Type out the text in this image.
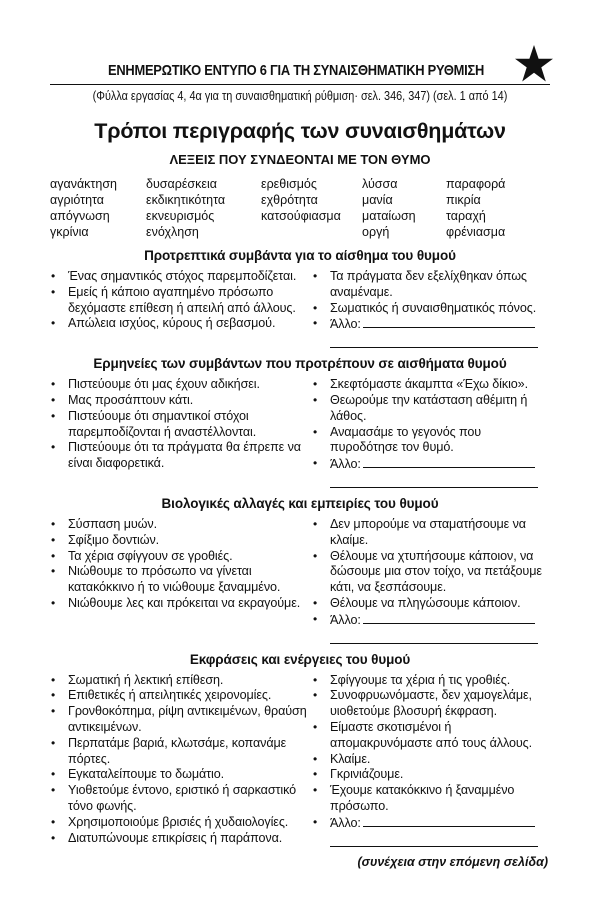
ΕΝΗΜΕΡΩΤΙΚΟ ΕΝΤΥΠΟ 6 ΓΙΑ ΤΗ ΣΥΝΑΙΣΘΗΜΑΤΙΚΗ ΡΥΘΜΙΣΗ
(Φύλλα εργασίας 4, 4α για τη συναισθηματική ρύθμιση· σελ. 346, 347) (σελ. 1 από 14)
Τρόποι περιγραφής των συναισθημάτων
ΛΕΞΕΙΣ ΠΟΥ ΣΥΝΔΕΟΝΤΑΙ ΜΕ ΤΟΝ ΘΥΜΟ
αγανάκτηση
αγριότητα
απόγνωση
γκρίνια
δυσαρέσκεια
εκδικητικότητα
εκνευρισμός
ενόχληση
ερεθισμός
εχθρότητα
κατσούφιασμα
λύσσα
μανία
ματαίωση
οργή
παραφορά
πικρία
ταραχή
φρένιασμα
Προτρεπτικά συμβάντα για το αίσθημα του θυμού
• Ένας σημαντικός στόχος παρεμποδίζεται.
• Εμείς ή κάποιο αγαπημένο πρόσωπο δεχόμαστε επίθεση ή απειλή από άλλους.
• Απώλεια ισχύος, κύρους ή σεβασμού.
• Τα πράγματα δεν εξελίχθηκαν όπως αναμέναμε.
• Σωματικός ή συναισθηματικός πόνος.
• Άλλο:
Ερμηνείες των συμβάντων που προτρέπουν σε αισθήματα θυμού
• Πιστεύουμε ότι μας έχουν αδικήσει.
• Μας προσάπτουν κάτι.
• Πιστεύουμε ότι σημαντικοί στόχοι παρεμποδίζονται ή αναστέλλονται.
• Πιστεύουμε ότι τα πράγματα θα έπρεπε να είναι διαφορετικά.
• Σκεφτόμαστε άκαμπτα «Έχω δίκιο».
• Θεωρούμε την κατάσταση αθέμιτη ή λάθος.
• Αναμασάμε το γεγονός που πυροδότησε τον θυμό.
• Άλλο:
Βιολογικές αλλαγές και εμπειρίες του θυμού
• Σύσπαση μυών.
• Σφίξιμο δοντιών.
• Τα χέρια σφίγγουν σε γροθιές.
• Νιώθουμε το πρόσωπο να γίνεται κατακόκκινο ή το νιώθουμε ξαναμμένο.
• Νιώθουμε λες και πρόκειται να εκραγούμε.
• Δεν μπορούμε να σταματήσουμε να κλαίμε.
• Θέλουμε να χτυπήσουμε κάποιον, να δώσουμε μια στον τοίχο, να πετάξουμε κάτι, να ξεσπάσουμε.
• Θέλουμε να πληγώσουμε κάποιον.
• Άλλο:
Εκφράσεις και ενέργειες του θυμού
• Σωματική ή λεκτική επίθεση.
• Επιθετικές ή απειλητικές χειρονομίες.
• Γρονθοκόπημα, ρίψη αντικειμένων, θραύση αντικειμένων.
• Περπατάμε βαριά, κλωτσάμε, κοπανάμε πόρτες.
• Εγκαταλείπουμε το δωμάτιο.
• Υιοθετούμε έντονο, εριστικό ή σαρκαστικό τόνο φωνής.
• Χρησιμοποιούμε βρισιές ή χυδαιολογίες.
• Διατυπώνουμε επικρίσεις ή παράπονα.
• Σφίγγουμε τα χέρια ή τις γροθιές.
• Συνοφρυωνόμαστε, δεν χαμογελάμε, υιοθετούμε βλοσυρή έκφραση.
• Είμαστε σκοτισμένοι ή απομακρυνόμαστε από τους άλλους.
• Κλαίμε.
• Γκρινιάζουμε.
• Έχουμε κατακόκκινο ή ξαναμμένο πρόσωπο.
• Άλλο:
(συνέχεια στην επόμενη σελίδα)
